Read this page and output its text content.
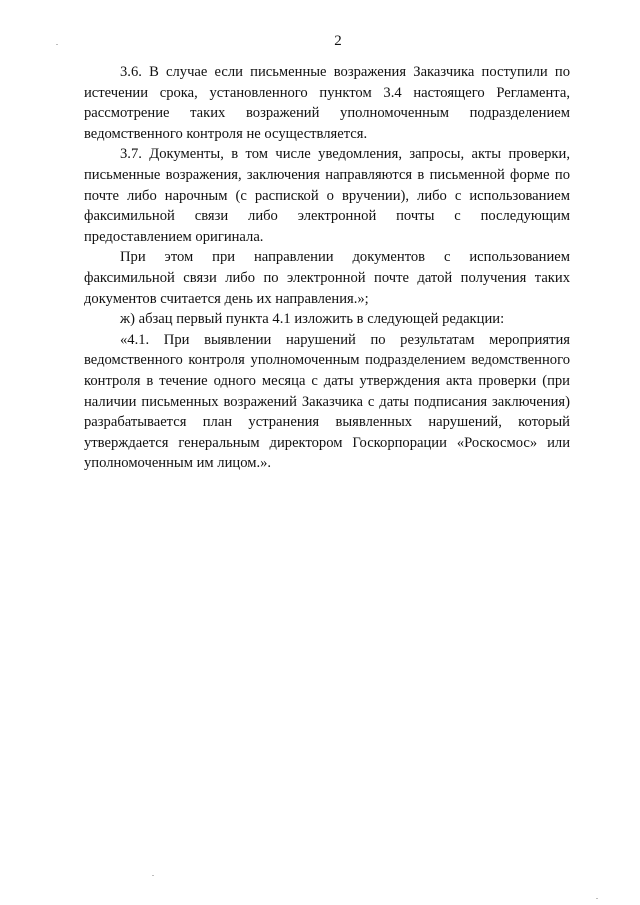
2

3.6. В случае если письменные возражения Заказчика поступили по истечении срока, установленного пунктом 3.4 настоящего Регламента, рассмотрение таких возражений уполномоченным подразделением ведомственного контроля не осуществляется.

3.7. Документы, в том числе уведомления, запросы, акты проверки, письменные возражения, заключения направляются в письменной форме по почте либо нарочным (с распиской о вручении), либо с использованием факсимильной связи либо электронной почты с последующим предоставлением оригинала.

При этом при направлении документов с использованием факсимильной связи либо по электронной почте датой получения таких документов считается день их направления.»;

ж) абзац первый пункта 4.1 изложить в следующей редакции:

«4.1. При выявлении нарушений по результатам мероприятия ведомственного контроля уполномоченным подразделением ведомственного контроля в течение одного месяца с даты утверждения акта проверки (при наличии письменных возражений Заказчика с даты подписания заключения) разрабатывается план устранения выявленных нарушений, который утверждается генеральным директором Госкорпорации «Роскосмос» или уполномоченным им лицом.».
